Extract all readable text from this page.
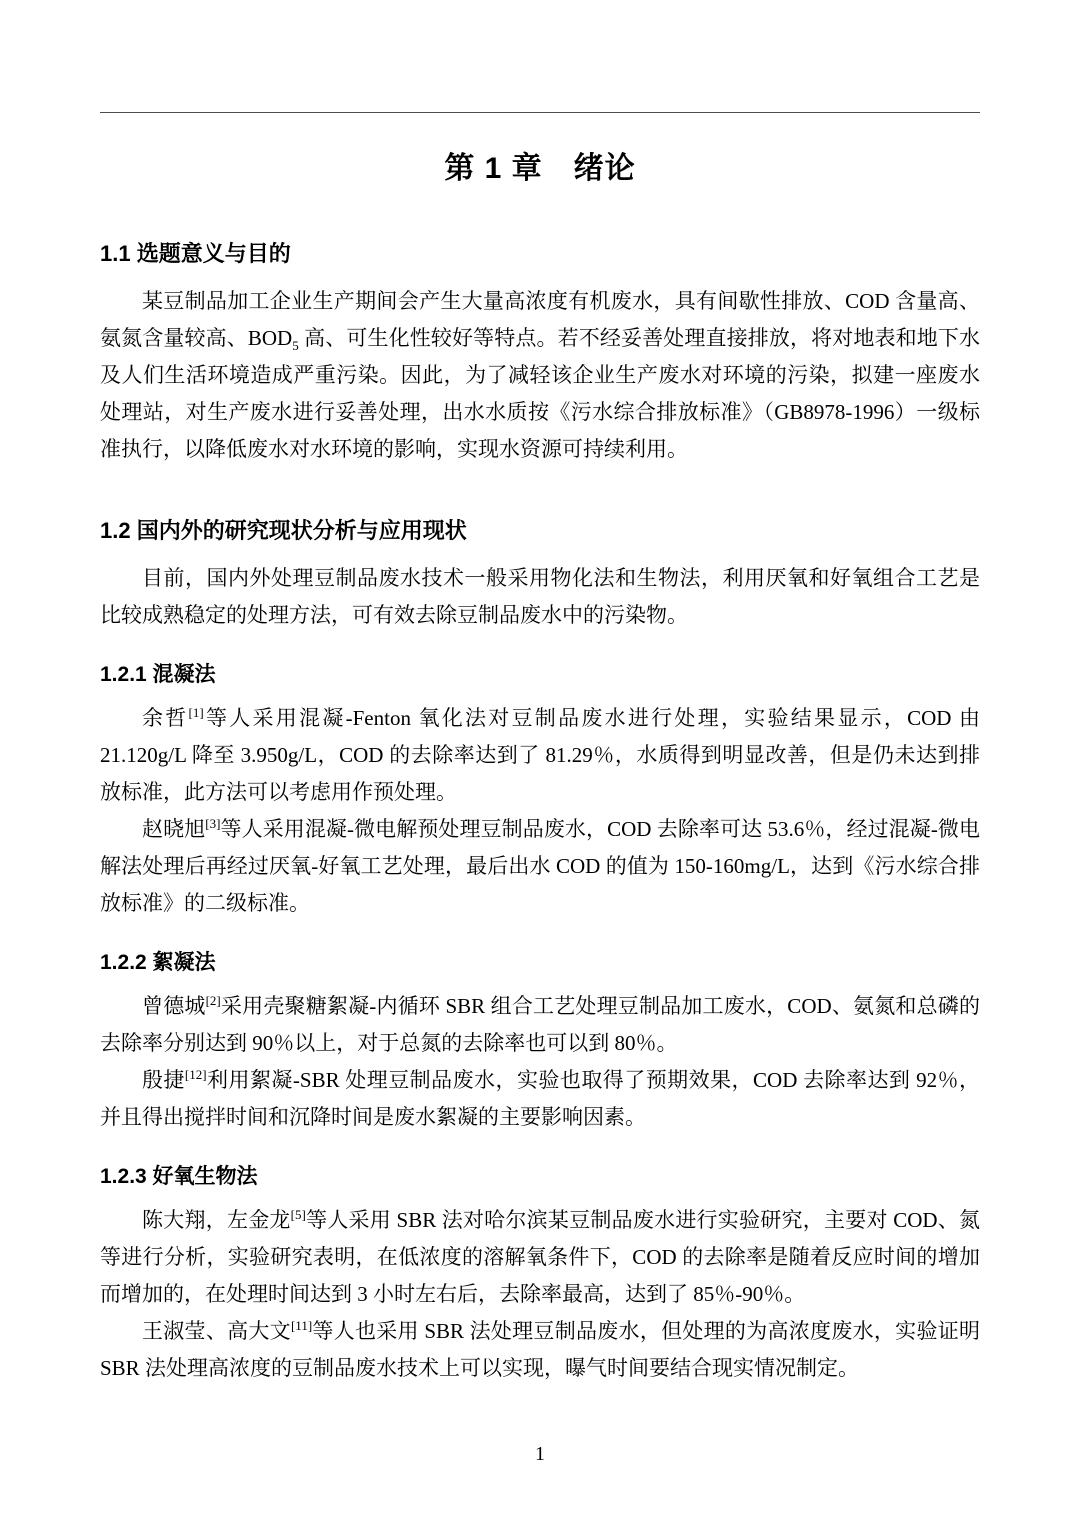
第 1 章　绪论
1.1 选题意义与目的

某豆制品加工企业生产期间会产生大量高浓度有机废水，具有间歇性排放、COD 含量高、氨氮含量较高、$BOD_5$ 高、可生化性较好等特点。若不经妥善处理直接排放，将对地表和地下水及人们生活环境造成严重污染。因此，为了减轻该企业生产废水对环境的污染，拟建一座废水处理站，对生产废水进行妥善处理，出水水质按《污水综合排放标准》（GB8978-1996）一级标准执行，以降低废水对水环境的影响，实现水资源可持续利用。

1.2 国内外的研究现状分析与应用现状

目前，国内外处理豆制品废水技术一般采用物化法和生物法，利用厌氧和好氧组合工艺是比较成熟稳定的处理方法，可有效去除豆制品废水中的污染物。

1.2.1 混凝法

余哲[1]等人采用混凝-Fenton 氧化法对豆制品废水进行处理，实验结果显示，COD 由 21.120g/L 降至 3.950g/L，COD 的去除率达到了 81.29％，水质得到明显改善，但是仍未达到排放标准，此方法可以考虑用作预处理。

赵晓旭[3]等人采用混凝-微电解预处理豆制品废水，COD 去除率可达 53.6％，经过混凝-微电解法处理后再经过厌氧-好氧工艺处理，最后出水 COD 的值为 150-160mg/L，达到《污水综合排放标准》的二级标准。

1.2.2 絮凝法

曾德城[2]采用壳聚糖絮凝-内循环 SBR 组合工艺处理豆制品加工废水，COD、氨氮和总磷的去除率分别达到 90％以上，对于总氮的去除率也可以到 80％。

殷捷[12]利用絮凝-SBR 处理豆制品废水，实验也取得了预期效果，COD 去除率达到 92％，并且得出搅拌时间和沉降时间是废水絮凝的主要影响因素。

1.2.3 好氧生物法

陈大翔，左金龙[5]等人采用 SBR 法对哈尔滨某豆制品废水进行实验研究，主要对 COD、氮等进行分析，实验研究表明，在低浓度的溶解氧条件下，COD 的去除率是随着反应时间的增加而增加的，在处理时间达到 3 小时左右后，去除率最高，达到了 85％-90％。

王淑莹、高大文[11]等人也采用 SBR 法处理豆制品废水，但处理的为高浓度废水，实验证明 SBR 法处理高浓度的豆制品废水技术上可以实现，曝气时间要结合现实情况制定。

1
